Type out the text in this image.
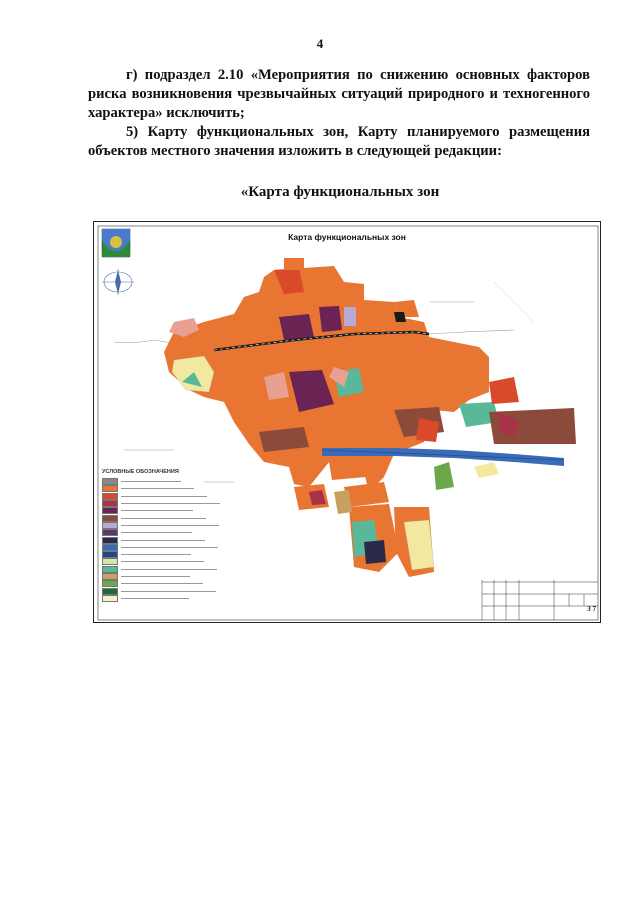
4
г) подраздел 2.10 «Мероприятия по снижению основных факторов риска возникновения чрезвычайных ситуаций природного и техногенного характера» исключить;
5) Карту функциональных зон, Карту планируемого размещения объектов местного значения изложить в следующей редакции:
«Карта функциональных зон
Карта функциональных зон
УСЛОВНЫЕ ОБОЗНАЧЕНИЯ
3 7
